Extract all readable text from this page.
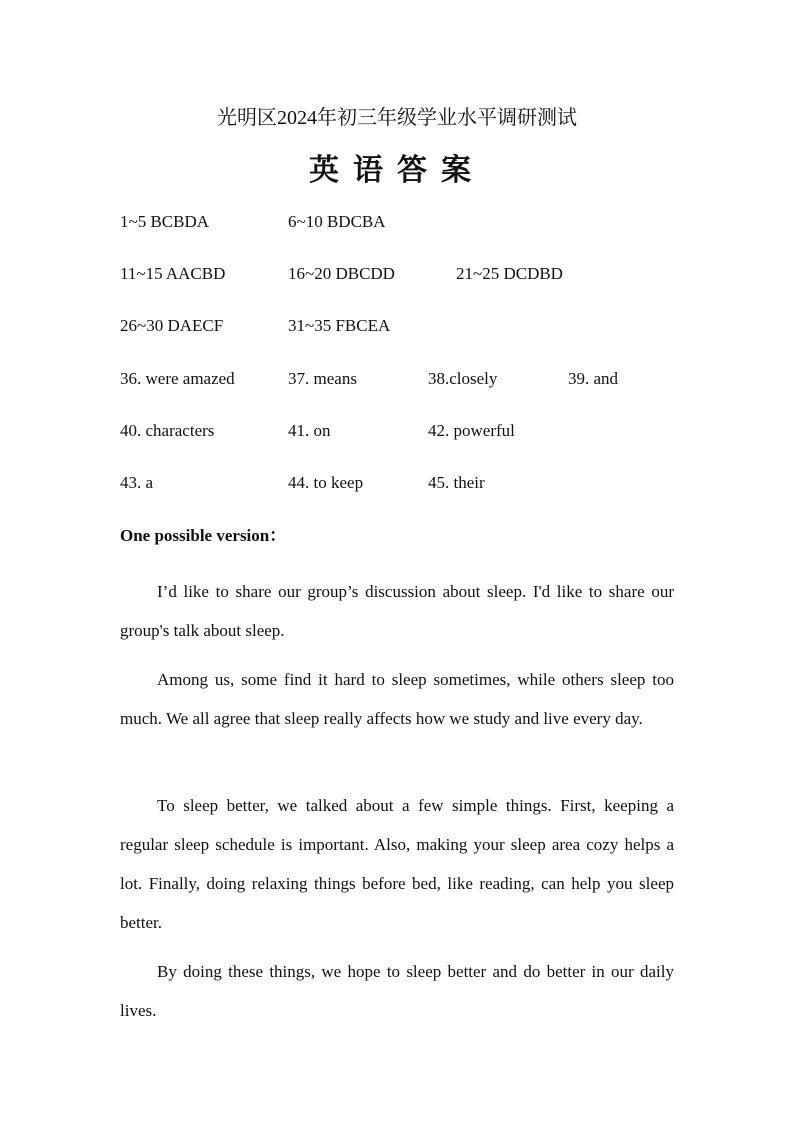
光明区2024年初三年级学业水平调研测试
英语答案
1~5 BCBDA	6~10 BDCBA
11~15 AACBD	16~20 DBCDD	21~25 DCDBD
26~30 DAECF	31~35 FBCEA
36. were amazed	37. means	38.closely	39. and
40. characters	41. on	42. powerful
43. a	44. to keep	45. their
One possible version：

I’d like to share our group’s discussion about sleep. I'd like to share our group's talk about sleep.

Among us, some find it hard to sleep sometimes, while others sleep too much. We all agree that sleep really affects how we study and live every day.

To sleep better, we talked about a few simple things. First, keeping a regular sleep schedule is important. Also, making your sleep area cozy helps a lot. Finally, doing relaxing things before bed, like reading, can help you sleep better.

By doing these things, we hope to sleep better and do better in our daily lives.
